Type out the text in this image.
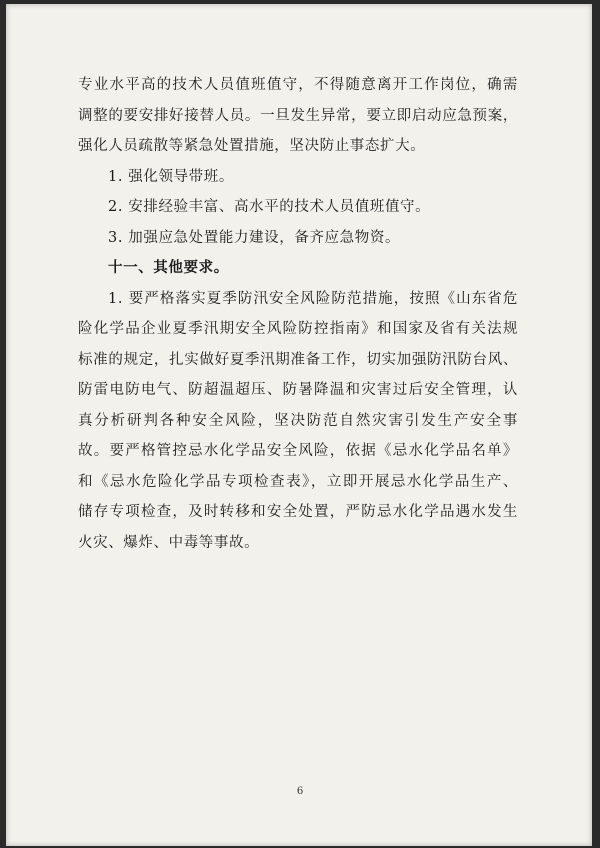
专业水平高的技术人员值班值守，不得随意离开工作岗位，确需
调整的要安排好接替人员。一旦发生异常，要立即启动应急预案，
强化人员疏散等紧急处置措施，坚决防止事态扩大。
1. 强化领导带班。
2. 安排经验丰富、高水平的技术人员值班值守。
3. 加强应急处置能力建设，备齐应急物资。
十一、其他要求。
1. 要严格落实夏季防汛安全风险防范措施，按照《山东省危
险化学品企业夏季汛期安全风险防控指南》和国家及省有关法规
标准的规定，扎实做好夏季汛期准备工作，切实加强防汛防台风、
防雷电防电气、防超温超压、防暑降温和灾害过后安全管理，认
真分析研判各种安全风险，坚决防范自然灾害引发生产安全事
故。要严格管控忌水化学品安全风险，依据《忌水化学品名单》
和《忌水危险化学品专项检查表》，立即开展忌水化学品生产、
储存专项检查，及时转移和安全处置，严防忌水化学品遇水发生
火灾、爆炸、中毒等事故。
6
